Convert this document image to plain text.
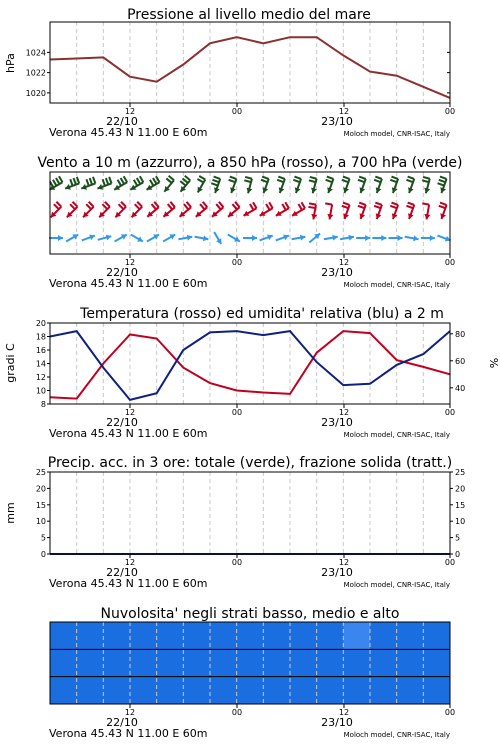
Pressione al livello medio del mare
hPa
1020
1022
1024
12	00	12	00
22/10	23/10
Verona 45.43 N 11.00 E 60m	Moloch model, CNR-ISAC, Italy
Vento a 10 m (azzurro), a 850 hPa (rosso), a 700 hPa (verde)
12	00	12	00
22/10	23/10
Verona 45.43 N 11.00 E 60m	Moloch model, CNR-ISAC, Italy
Temperatura (rosso) ed umidita' relativa (blu) a 2 m
gradi C	%
8
10
12
14
16
18
20
40
60
80
12	00	12	00
22/10	23/10
Verona 45.43 N 11.00 E 60m	Moloch model, CNR-ISAC, Italy
Precip. acc. in 3 ore: totale (verde), frazione solida (tratt.)
mm
0
5
10
15
20
25
0
5
10
15
20
25
12	00	12	00
22/10	23/10
Verona 45.43 N 11.00 E 60m	Moloch model, CNR-ISAC, Italy
Nuvolosita' negli strati basso, medio e alto
12	00	12	00
22/10	23/10
Verona 45.43 N 11.00 E 60m	Moloch model, CNR-ISAC, Italy
